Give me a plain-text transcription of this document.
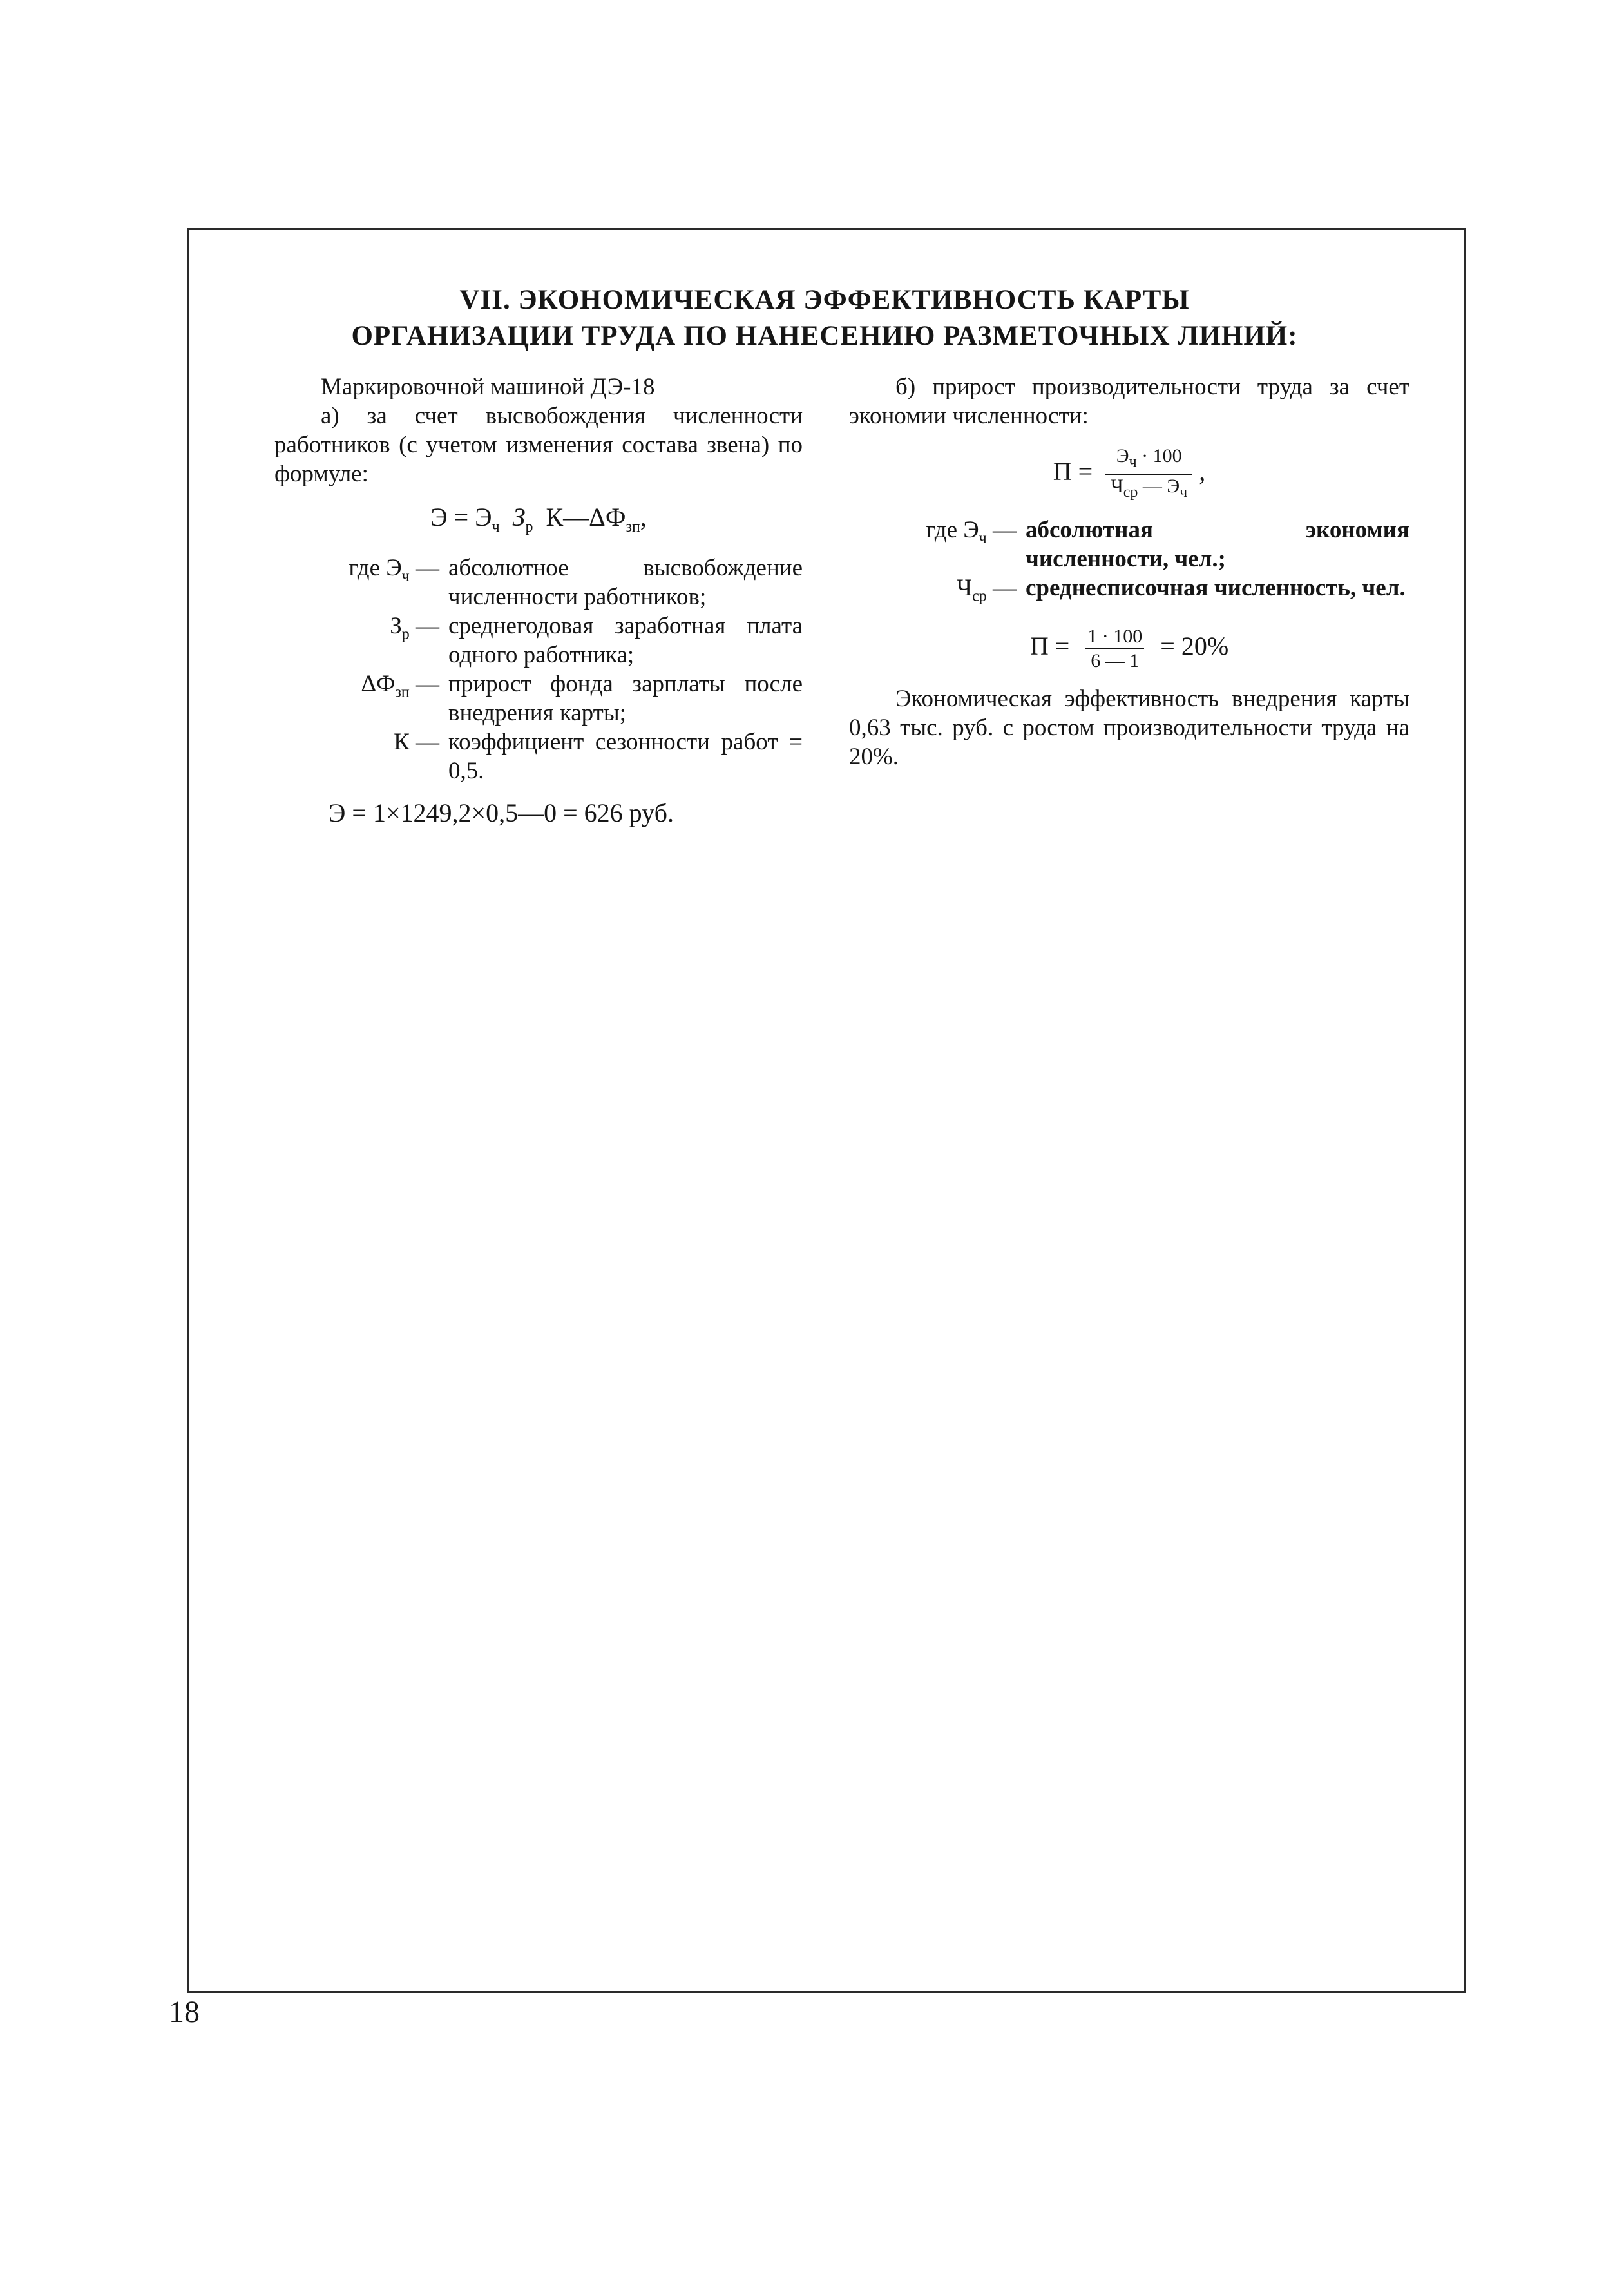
VII. ЭКОНОМИЧЕСКАЯ ЭФФЕКТИВНОСТЬ КАРТЫ
ОРГАНИЗАЦИИ ТРУДА ПО НАНЕСЕНИЮ РАЗМЕТОЧНЫХ ЛИНИЙ:

Маркировочной машиной ДЭ-18

а) за счет высвобождения численности работников (с учетом изменения состава звена) по формуле:

$Э = Э_ч$ $З_р$ $К—\Delta Ф_{зп}$,
где $Э_ч$ — абсолютное высвобождение численности работников;
$З_р$ — среднегодовая заработная плата одного работника;
$\Delta Ф_{зп}$ — прирост фонда зарплаты после внедрения карты;
К — коэффициент сезонности работ = 0,5.
Э = 1×1249,2×0,5—0 = 626 руб.

б) прирост производительности труда за счет экономии численности:

$П = \frac{Э_ч \cdot 100}{Ч_{ср} — Э_ч}$ ,
где $Э_ч$ — абсолютная экономия численности, чел.;
$Ч_{ср}$ — среднесписочная численность, чел.
$П = \frac{1 \cdot 100}{6 — 1} = 20\%$

Экономическая эффективность внедрения карты 0,63 тыс. руб. с ростом производительности труда на 20%.

18
